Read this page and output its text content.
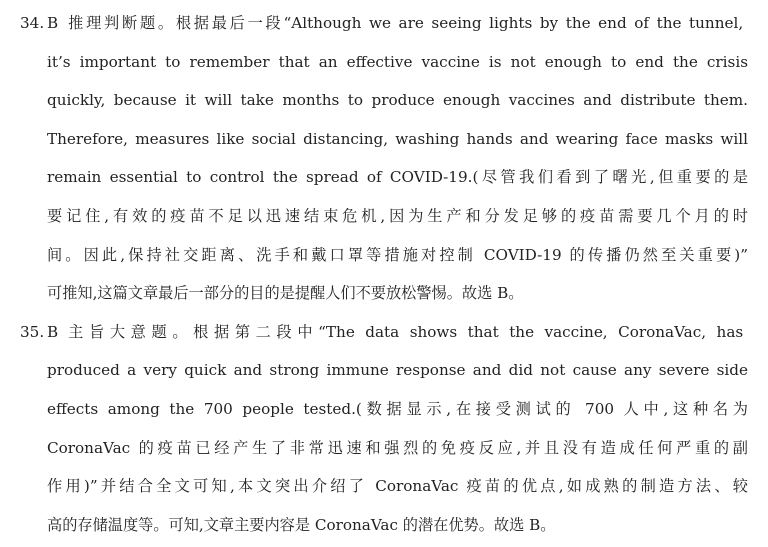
34. B 推理判断题。根据最后一段“Although we are seeing lights by the end of the tunnel,
it’s important to remember that an effective vaccine is not enough to end the crisis
quickly, because it will take months to produce enough vaccines and distribute them.
Therefore, measures like social distancing, washing hands and wearing face masks will
remain essential to control the spread of COVID-19.(尽管我们看到了曙光,但重要的是
要记住,有效的疫苗不足以迅速结束危机,因为生产和分发足够的疫苗需要几个月的时
间。因此,保持社交距离、洗手和戴口罩等措施对控制 COVID-19 的传播仍然至关重要)”
可推知,这篇文章最后一部分的目的是提醒人们不要放松警惕。故选 B。
35. B 主旨大意题。根据第二段中“The data shows that the vaccine, CoronaVac, has
produced a very quick and strong immune response and did not cause any severe side
effects among the 700 people tested.(数据显示,在接受测试的 700 人中,这种名为
CoronaVac 的疫苗已经产生了非常迅速和强烈的免疫反应,并且没有造成任何严重的副
作用)”并结合全文可知,本文突出介绍了 CoronaVac 疫苗的优点,如成熟的制造方法、较
高的存储温度等。可知,文章主要内容是 CoronaVac 的潜在优势。故选 B。
